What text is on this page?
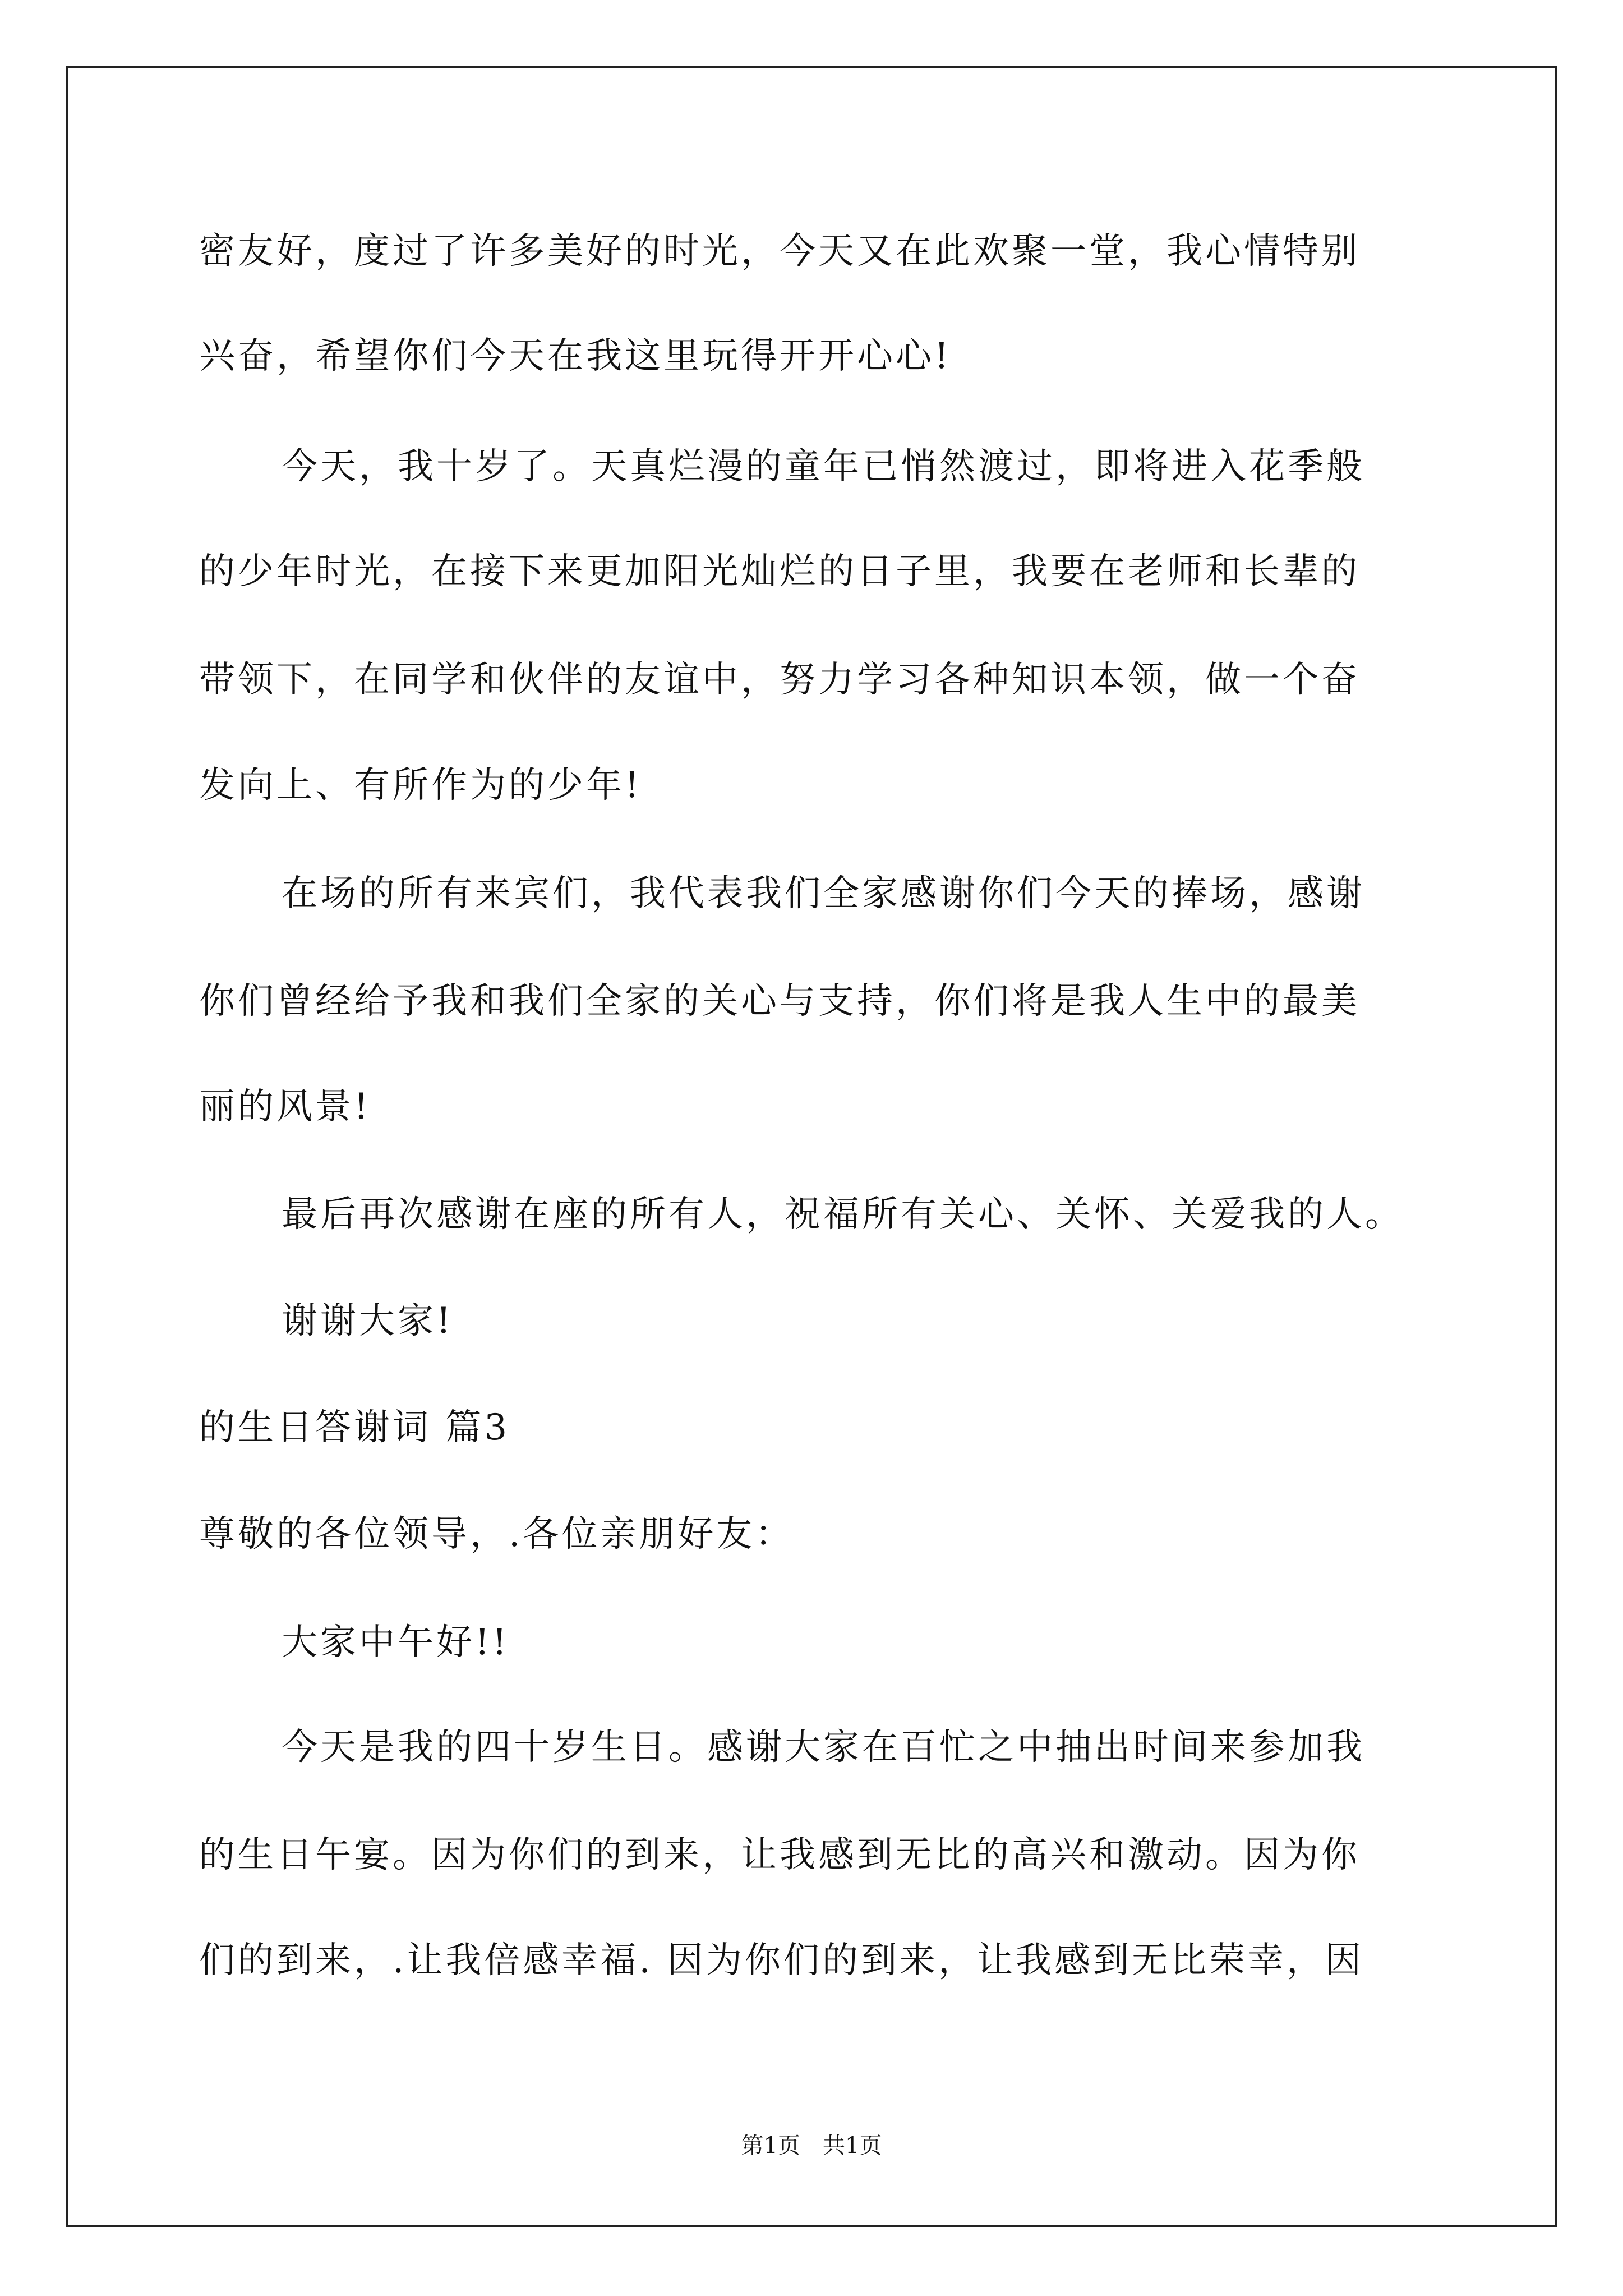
密友好，度过了许多美好的时光，今天又在此欢聚一堂，我心情特别
兴奋，希望你们今天在我这里玩得开开心心!
今天，我十岁了。天真烂漫的童年已悄然渡过，即将进入花季般
的少年时光，在接下来更加阳光灿烂的日子里，我要在老师和长辈的
带领下，在同学和伙伴的友谊中，努力学习各种知识本领，做一个奋
发向上、有所作为的少年!
在场的所有来宾们，我代表我们全家感谢你们今天的捧场，感谢
你们曾经给予我和我们全家的关心与支持，你们将是我人生中的最美
丽的风景!
最后再次感谢在座的所有人，祝福所有关心、关怀、关爱我的人。
谢谢大家!
的生日答谢词 篇3
尊敬的各位领导，.各位亲朋好友：
大家中午好!!
今天是我的四十岁生日。感谢大家在百忙之中抽出时间来参加我
的生日午宴。因为你们的到来，让我感到无比的高兴和激动。因为你
们的到来，.让我倍感幸福. 因为你们的到来，让我感到无比荣幸，因
第1页　共1页
